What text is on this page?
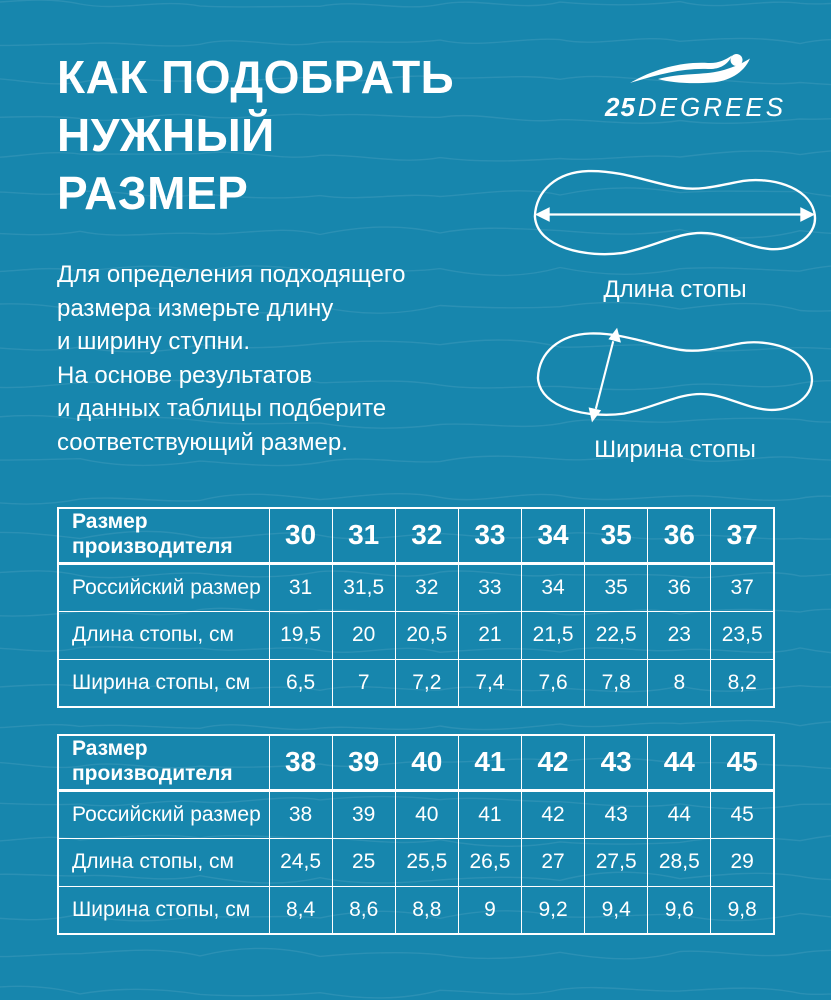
КАК ПОДОБРАТЬ
НУЖНЫЙ
РАЗМЕР
25DEGREES
Для определения подходящего
размера измерьте длину
и ширину ступни.
На основе результатов
и данных таблицы подберите
соответствующий размер.
Длина стопы
Ширина стопы
Размер производителя	30	31	32	33	34	35	36	37
Российский размер	31	31,5	32	33	34	35	36	37
Длина стопы, см	19,5	20	20,5	21	21,5	22,5	23	23,5
Ширина стопы, см	6,5	7	7,2	7,4	7,6	7,8	8	8,2
Размер производителя	38	39	40	41	42	43	44	45
Российский размер	38	39	40	41	42	43	44	45
Длина стопы, см	24,5	25	25,5	26,5	27	27,5	28,5	29
Ширина стопы, см	8,4	8,6	8,8	9	9,2	9,4	9,6	9,8
